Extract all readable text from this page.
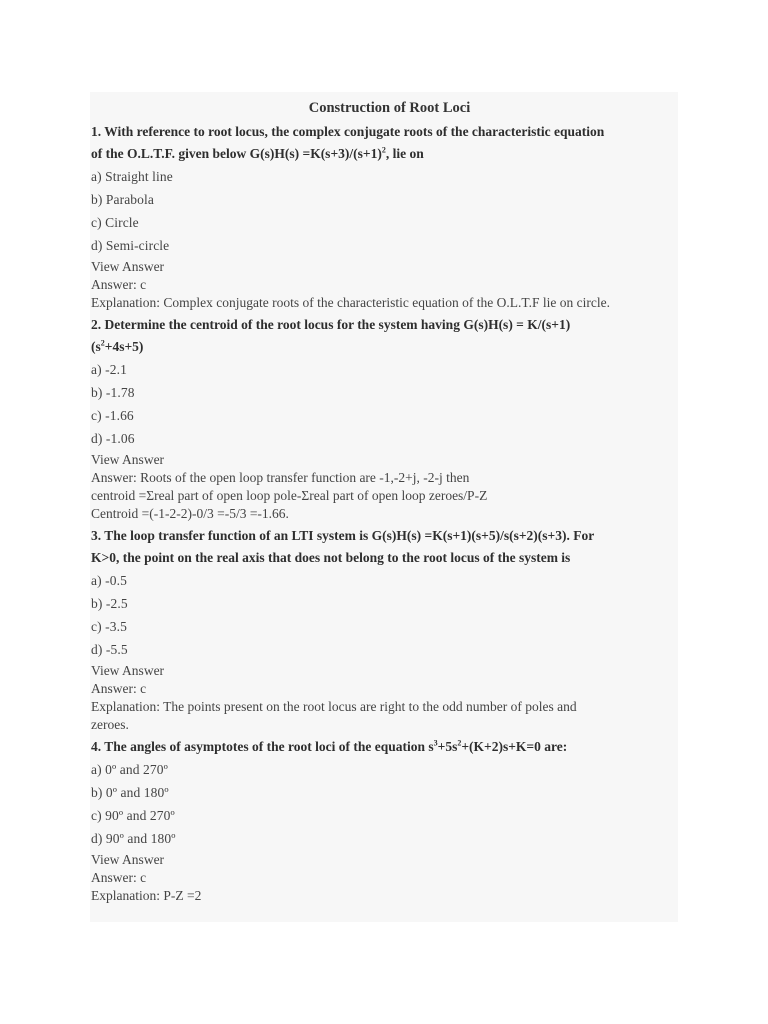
Construction of Root Loci

1. With reference to root locus, the complex conjugate roots of the characteristic equation

of the O.L.T.F. given below $G(s)H(s) =K(s+3)/(s+1)^2$, lie on

a) Straight line
b) Parabola
c) Circle
d) Semi-circle
View Answer
Answer: c
Explanation: Complex conjugate roots of the characteristic equation of the O.L.T.F lie on circle.

2. Determine the centroid of the root locus for the system having G(s)H(s) = K/(s+1)

$(s^2+4s+5)$

a) -2.1
b) -1.78
c) -1.66
d) -1.06
View Answer
Answer: Roots of the open loop transfer function are -1,-2+j, -2-j then
centroid =Σreal part of open loop pole-Σreal part of open loop zeroes/P-Z
Centroid =(-1-2-2)-0/3 =-5/3 =-1.66.

3. The loop transfer function of an LTI system is G(s)H(s) =K(s+1)(s+5)/s(s+2)(s+3). For

K>0, the point on the real axis that does not belong to the root locus of the system is

a) -0.5
b) -2.5
c) -3.5
d) -5.5
View Answer
Answer: c
Explanation: The points present on the root locus are right to the odd number of poles and
zeroes.

4. The angles of asymptotes of the root loci of the equation $s^3+5s^2+(K+2)s+K=0$ are:

a) 0º and 270º
b) 0º and 180º
c) 90º and 270º
d) 90º and 180º
View Answer
Answer: c
Explanation: P-Z =2
